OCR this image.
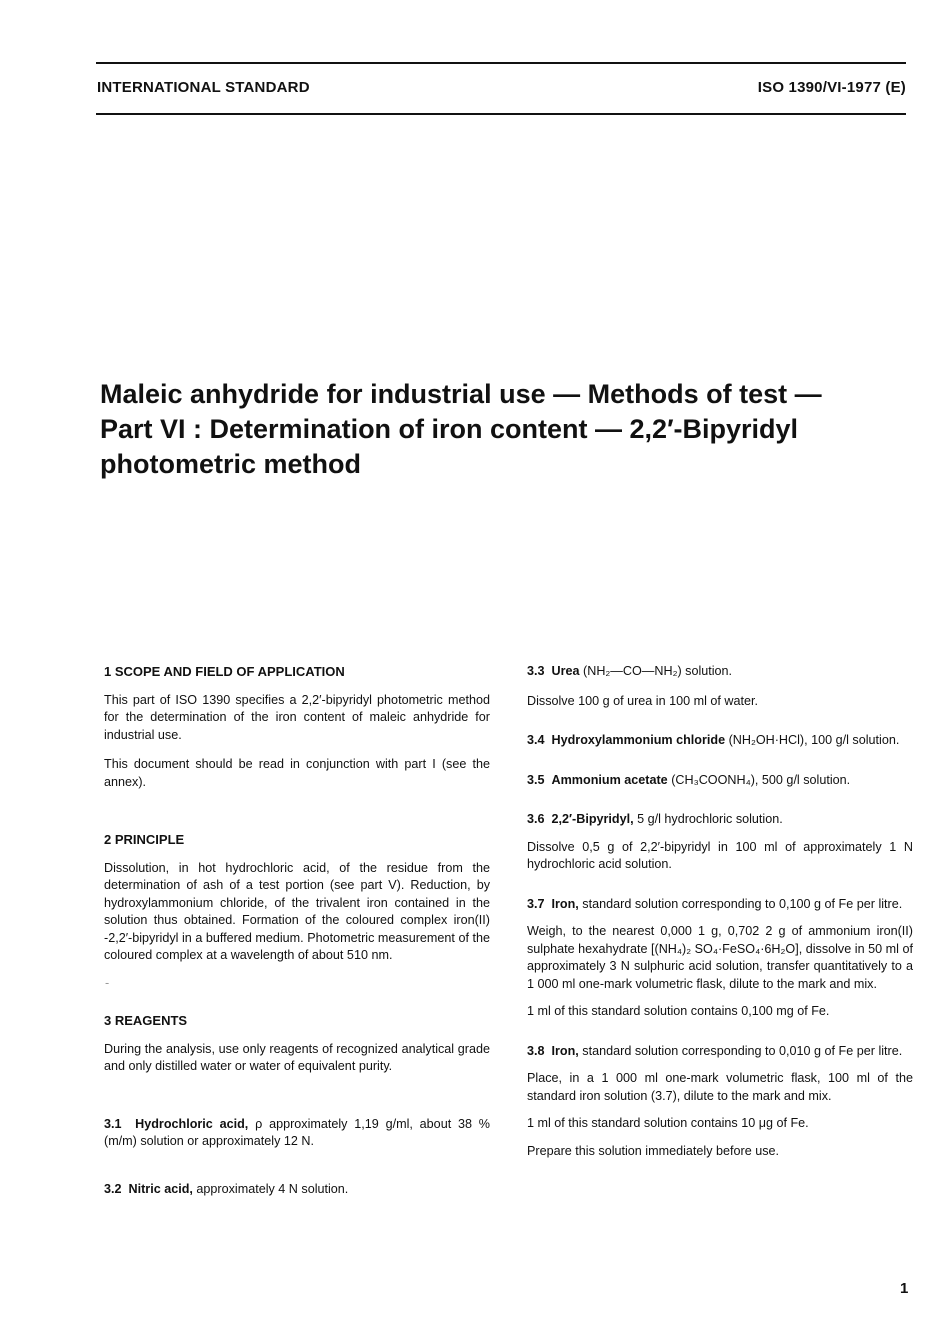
INTERNATIONAL STANDARD	ISO 1390/VI-1977 (E)
Maleic anhydride for industrial use — Methods of test —
Part VI : Determination of iron content — 2,2′-Bipyridyl
photometric method

1 SCOPE AND FIELD OF APPLICATION

This part of ISO 1390 specifies a 2,2′-bipyridyl photometric method for the determination of the iron content of maleic anhydride for industrial use.

This document should be read in conjunction with part I (see the annex).

2 PRINCIPLE

Dissolution, in hot hydrochloric acid, of the residue from the determination of ash of a test portion (see part V). Reduction, by hydroxylammonium chloride, of the trivalent iron contained in the solution thus obtained. Formation of the coloured complex iron(II) -2,2′-bipyridyl in a buffered medium. Photometric measurement of the coloured complex at a wavelength of about 510 nm.

-

3 REAGENTS

During the analysis, use only reagents of recognized analytical grade and only distilled water or water of equivalent purity.

3.1 Hydrochloric acid, ρ approximately 1,19 g/ml, about 38 % (m/m) solution or approximately 12 N.

3.2 Nitric acid, approximately 4 N solution.

3.3 Urea (NH₂—CO—NH₂) solution.

Dissolve 100 g of urea in 100 ml of water.

3.4 Hydroxylammonium chloride (NH₂OH·HCl), 100 g/l solution.

3.5 Ammonium acetate (CH₃COONH₄), 500 g/l solution.

3.6 2,2′-Bipyridyl, 5 g/l hydrochloric solution.

Dissolve 0,5 g of 2,2′-bipyridyl in 100 ml of approximately 1 N hydrochloric acid solution.

3.7 Iron, standard solution corresponding to 0,100 g of Fe per litre.

Weigh, to the nearest 0,000 1 g, 0,702 2 g of ammonium iron(II) sulphate hexahydrate [(NH₄)₂ SO₄·FeSO₄·6H₂O], dissolve in 50 ml of approximately 3 N sulphuric acid solution, transfer quantitatively to a 1 000 ml one-mark volumetric flask, dilute to the mark and mix.

1 ml of this standard solution contains 0,100 mg of Fe.

3.8 Iron, standard solution corresponding to 0,010 g of Fe per litre.

Place, in a 1 000 ml one-mark volumetric flask, 100 ml of the standard iron solution (3.7), dilute to the mark and mix.

1 ml of this standard solution contains 10 μg of Fe.

Prepare this solution immediately before use.

1
